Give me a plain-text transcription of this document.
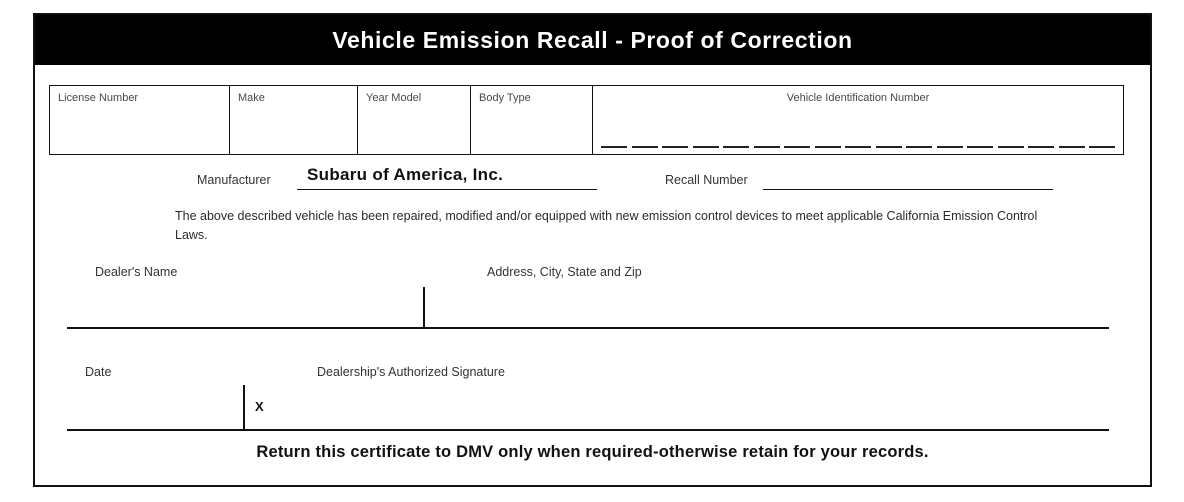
Vehicle Emission Recall - Proof of Correction
License Number	Make	Year Model	Body Type	Vehicle Identification Number
Manufacturer Subaru of America, Inc.	Recall Number
The above described vehicle has been repaired, modified and/or equipped with new emission control devices to meet applicable California Emission Control Laws.
Dealer's Name	Address, City, State and Zip
Date	Dealership's Authorized Signature
X
Return this certificate to DMV only when required-otherwise retain for your records.
